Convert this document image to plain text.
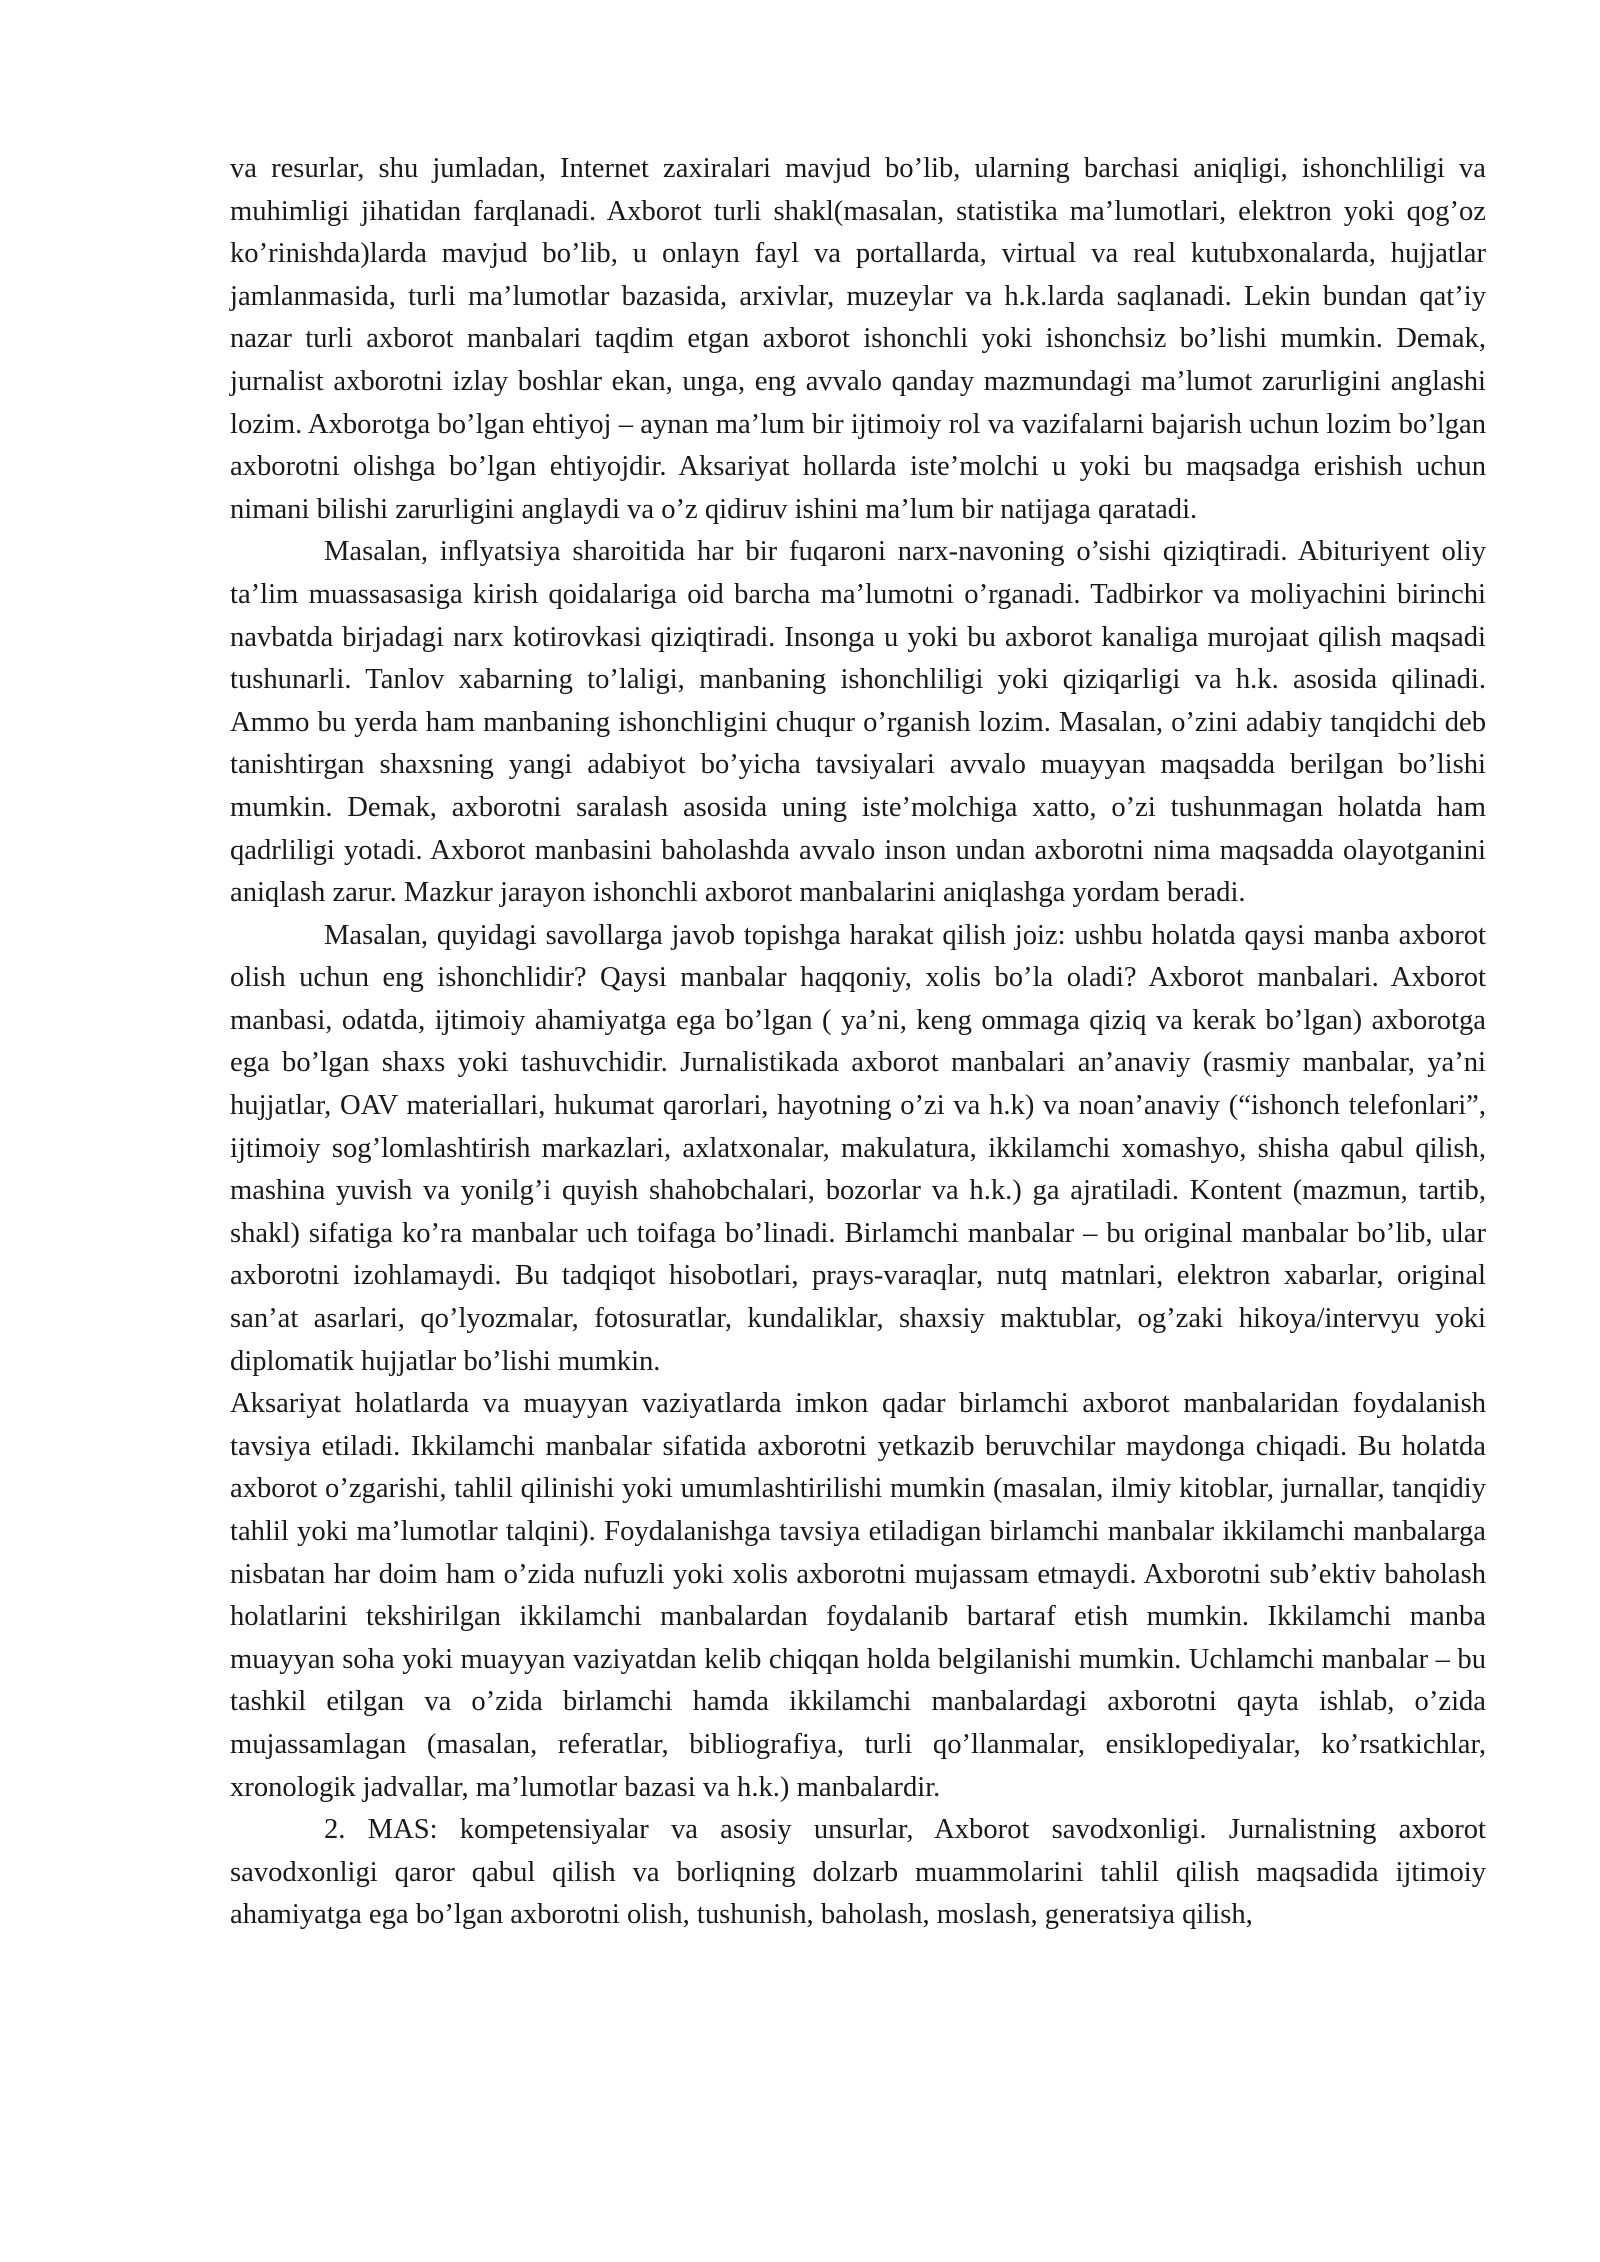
va resurlar, shu jumladan, Internet zaxiralari mavjud bo’lib, ularning barchasi aniqligi, ishonchliligi va muhimligi jihatidan farqlanadi. Axborot turli shakl(masalan, statistika ma’lumotlari, elektron yoki qog’oz ko’rinishda)larda mavjud bo’lib, u onlayn fayl va portallarda, virtual va real kutubxonalarda, hujjatlar jamlanmasida, turli ma’lumotlar bazasida, arxivlar, muzeylar va h.k.larda saqlanadi. Lekin bundan qat’iy nazar turli axborot manbalari taqdim etgan axborot ishonchli yoki ishonchsiz bo’lishi mumkin. Demak, jurnalist axborotni izlay boshlar ekan, unga, eng avvalo qanday mazmundagi ma’lumot zarurligini anglashi lozim. Axborotga bo’lgan ehtiyoj – aynan ma’lum bir ijtimoiy rol va vazifalarni bajarish uchun lozim bo’lgan axborotni olishga bo’lgan ehtiyojdir. Aksariyat hollarda iste’molchi u yoki bu maqsadga erishish uchun nimani bilishi zarurligini anglaydi va o’z qidiruv ishini ma’lum bir natijaga qaratadi.

Masalan, inflyatsiya sharoitida har bir fuqaroni narx-navoning o’sishi qiziqtiradi. Abituriyent oliy ta’lim muassasasiga kirish qoidalariga oid barcha ma’lumotni o’rganadi. Tadbirkor va moliyachini birinchi navbatda birjadagi narx kotirovkasi qiziqtiradi. Insonga u yoki bu axborot kanaliga murojaat qilish maqsadi tushunarli. Tanlov xabarning to’laligi, manbaning ishonchliligi yoki qiziqarligi va h.k. asosida qilinadi. Ammo bu yerda ham manbaning ishonchligini chuqur o’rganish lozim. Masalan, o’zini adabiy tanqidchi deb tanishtirgan shaxsning yangi adabiyot bo’yicha tavsiyalari avvalo muayyan maqsadda berilgan bo’lishi mumkin. Demak, axborotni saralash asosida uning iste’molchiga xatto, o’zi tushunmagan holatda ham qadrliligi yotadi. Axborot manbasini baholashda avvalo inson undan axborotni nima maqsadda olayotganini aniqlash zarur. Mazkur jarayon ishonchli axborot manbalarini aniqlashga yordam beradi.

Masalan, quyidagi savollarga javob topishga harakat qilish joiz: ushbu holatda qaysi manba axborot olish uchun eng ishonchlidir? Qaysi manbalar haqqoniy, xolis bo’la oladi? Axborot manbalari. Axborot manbasi, odatda, ijtimoiy ahamiyatga ega bo’lgan ( ya’ni, keng ommaga qiziq va kerak bo’lgan) axborotga ega bo’lgan shaxs yoki tashuvchidir. Jurnalistikada axborot manbalari an’anaviy (rasmiy manbalar, ya’ni hujjatlar, OAV materiallari, hukumat qarorlari, hayotning o’zi va h.k) va noan’anaviy (“ishonch telefonlari”, ijtimoiy sog’lomlashtirish markazlari, axlatxonalar, makulatura, ikkilamchi xomashyo, shisha qabul qilish, mashina yuvish va yonilg’i quyish shahobchalari, bozorlar va h.k.) ga ajratiladi. Kontent (mazmun, tartib, shakl) sifatiga ko’ra manbalar uch toifaga bo’linadi. Birlamchi manbalar – bu original manbalar bo’lib, ular axborotni izohlamaydi. Bu tadqiqot hisobotlari, prays-varaqlar, nutq matnlari, elektron xabarlar, original san’at asarlari, qo’lyozmalar, fotosuratlar, kundaliklar, shaxsiy maktublar, og’zaki hikoya/intervyu yoki diplomatik hujjatlar bo’lishi mumkin.

Aksariyat holatlarda va muayyan vaziyatlarda imkon qadar birlamchi axborot manbalaridan foydalanish tavsiya etiladi. Ikkilamchi manbalar sifatida axborotni yetkazib beruvchilar maydonga chiqadi. Bu holatda axborot o’zgarishi, tahlil qilinishi yoki umumlashtirilishi mumkin (masalan, ilmiy kitoblar, jurnallar, tanqidiy tahlil yoki ma’lumotlar talqini). Foydalanishga tavsiya etiladigan birlamchi manbalar ikkilamchi manbalarga nisbatan har doim ham o’zida nufuzli yoki xolis axborotni mujassam etmaydi. Axborotni sub’ektiv baholash holatlarini tekshirilgan ikkilamchi manbalardan foydalanib bartaraf etish mumkin. Ikkilamchi manba muayyan soha yoki muayyan vaziyatdan kelib chiqqan holda belgilanishi mumkin. Uchlamchi manbalar – bu tashkil etilgan va o’zida birlamchi hamda ikkilamchi manbalardagi axborotni qayta ishlab, o’zida mujassamlagan (masalan, referatlar, bibliografiya, turli qo’llanmalar, ensiklopediyalar, ko’rsatkichlar, xronologik jadvallar, ma’lumotlar bazasi va h.k.) manbalardir.

2. MAS: kompetensiyalar va asosiy unsurlar, Axborot savodxonligi. Jurnalistning axborot savodxonligi qaror qabul qilish va borliqning dolzarb muammolarini tahlil qilish maqsadida ijtimoiy ahamiyatga ega bo’lgan axborotni olish, tushunish, baholash, moslash, generatsiya qilish,
